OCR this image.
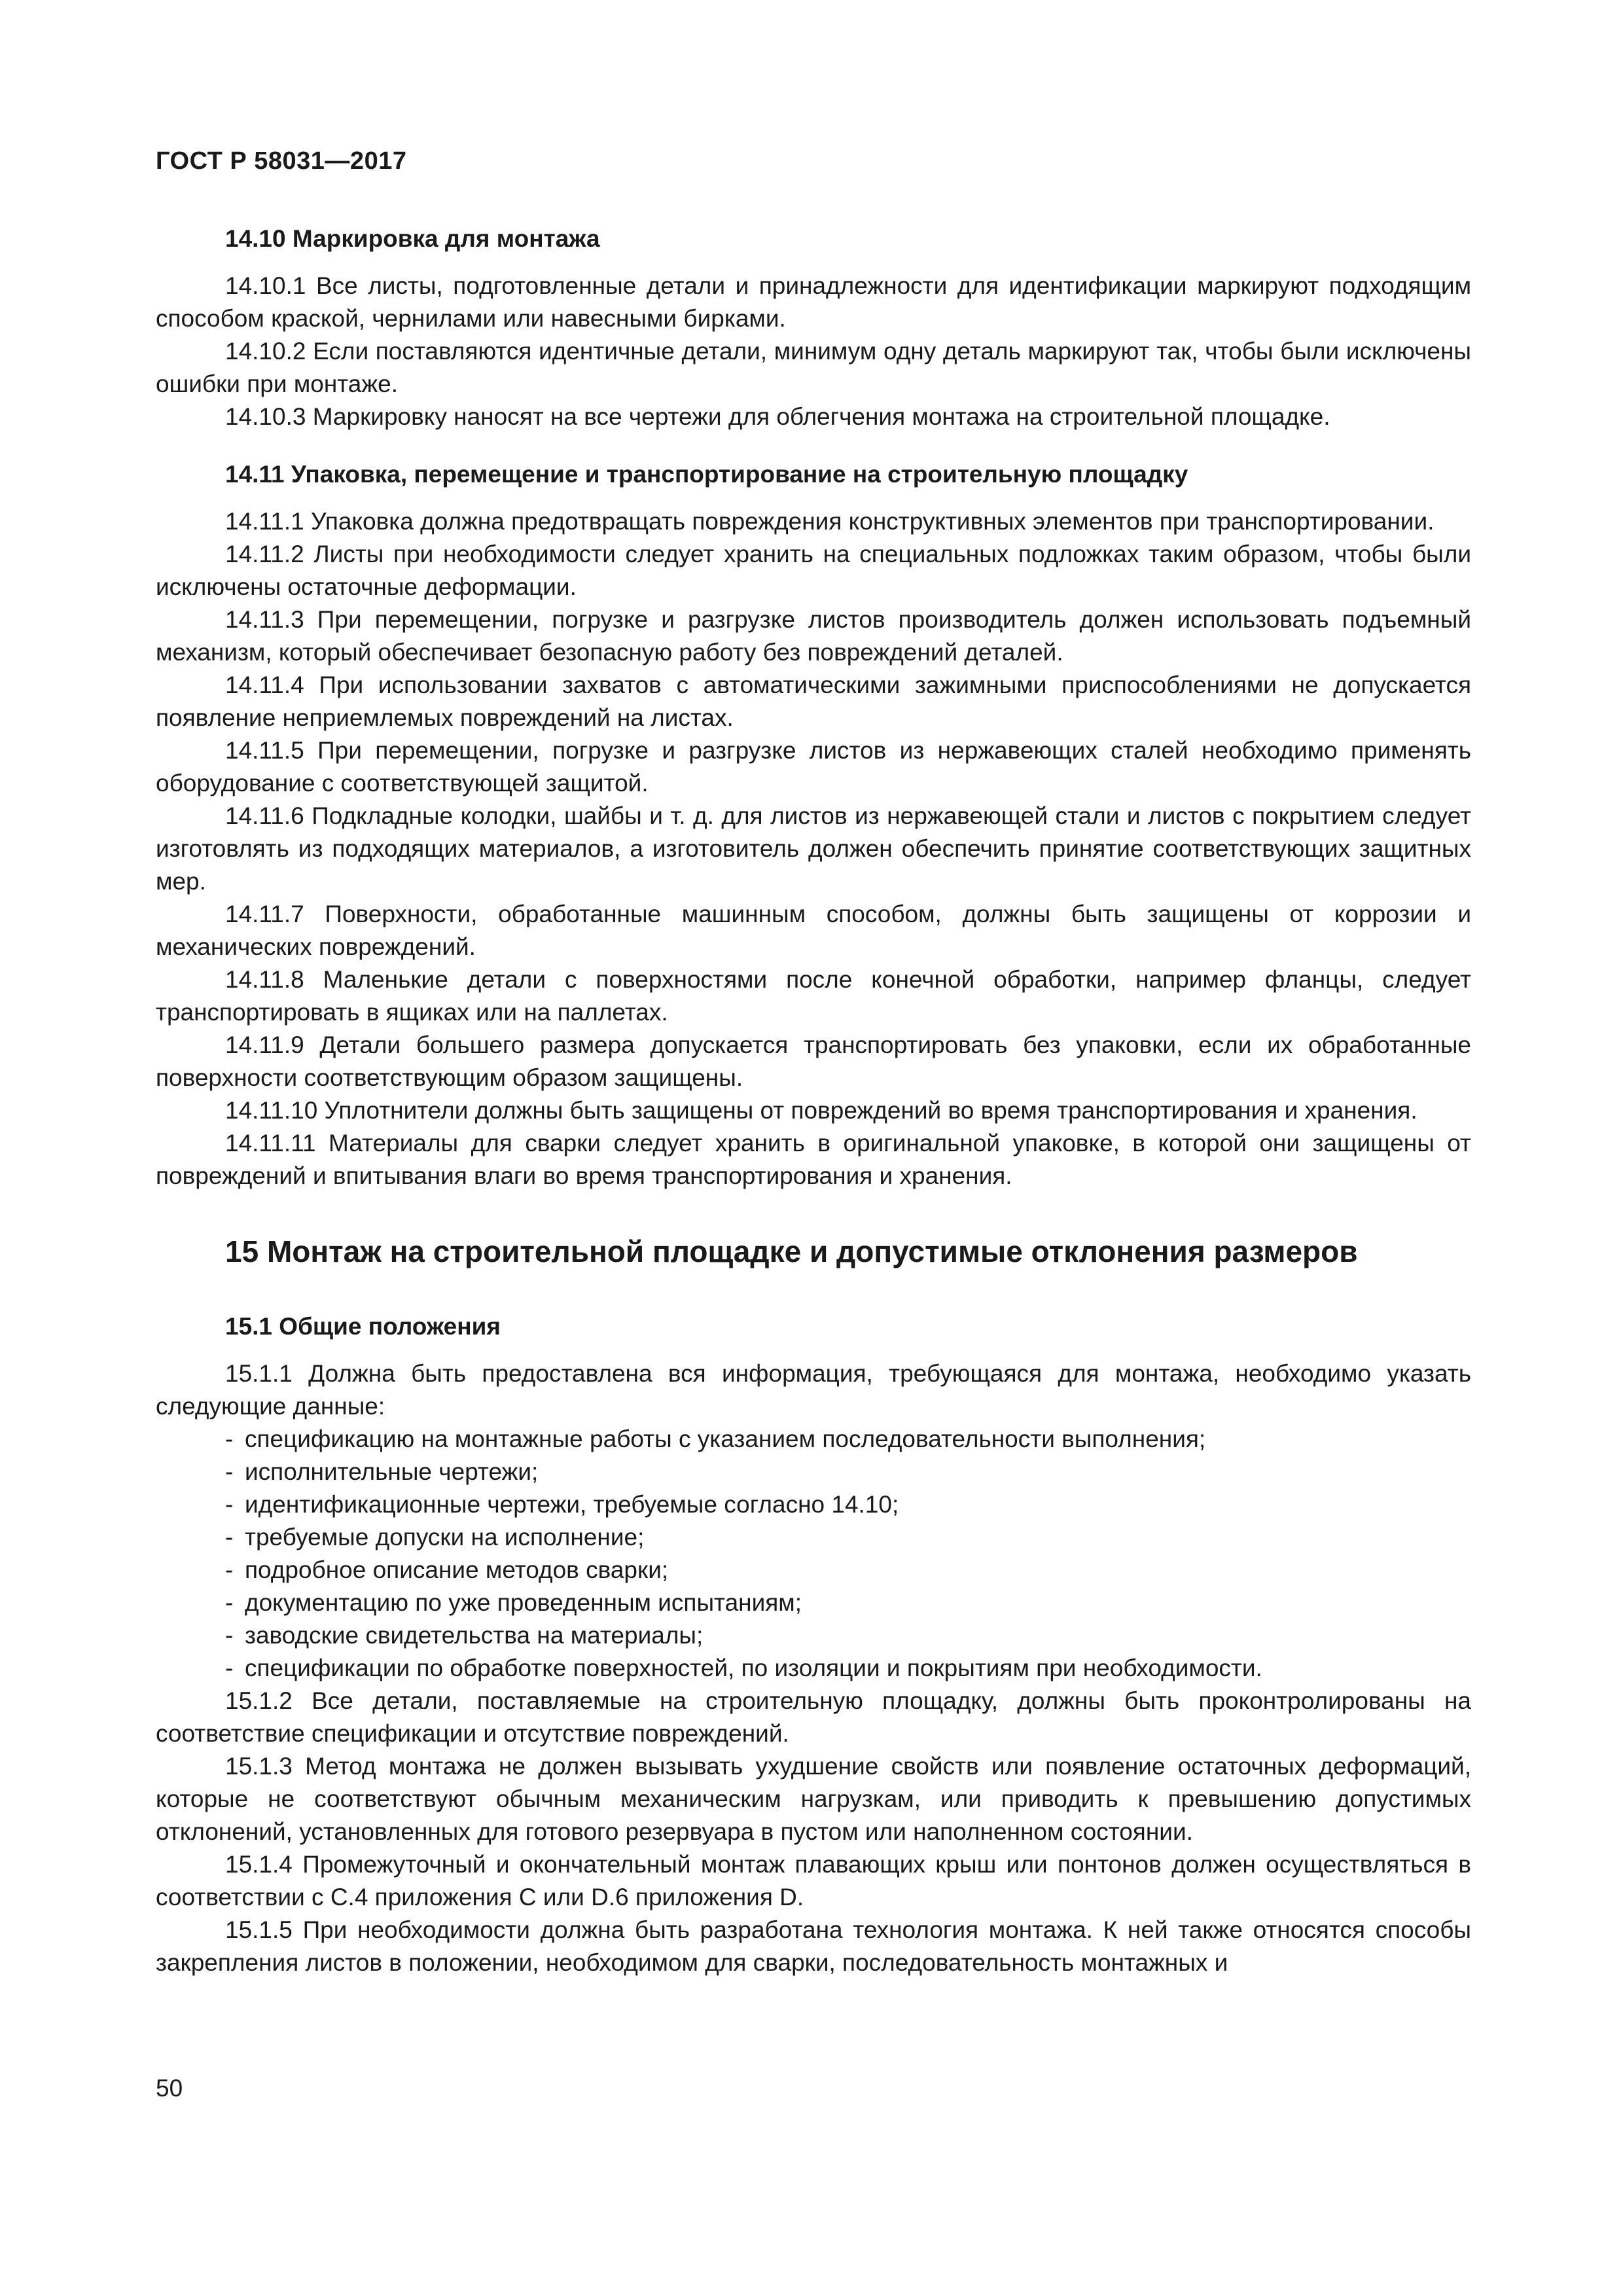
ГОСТ Р 58031—2017

14.10 Маркировка для монтажа

14.10.1 Все листы, подготовленные детали и принадлежности для идентификации маркируют подходящим способом краской, чернилами или навесными бирками.

14.10.2 Если поставляются идентичные детали, минимум одну деталь маркируют так, чтобы были исключены ошибки при монтаже.

14.10.3 Маркировку наносят на все чертежи для облегчения монтажа на строительной площадке.

14.11 Упаковка, перемещение и транспортирование на строительную площадку

14.11.1 Упаковка должна предотвращать повреждения конструктивных элементов при транспортировании.

14.11.2 Листы при необходимости следует хранить на специальных подложках таким образом, чтобы были исключены остаточные деформации.

14.11.3 При перемещении, погрузке и разгрузке листов производитель должен использовать подъемный механизм, который обеспечивает безопасную работу без повреждений деталей.

14.11.4 При использовании захватов с автоматическими зажимными приспособлениями не допускается появление неприемлемых повреждений на листах.

14.11.5 При перемещении, погрузке и разгрузке листов из нержавеющих сталей необходимо применять оборудование с соответствующей защитой.

14.11.6 Подкладные колодки, шайбы и т. д. для листов из нержавеющей стали и листов с покрытием следует изготовлять из подходящих материалов, а изготовитель должен обеспечить принятие соответствующих защитных мер.

14.11.7 Поверхности, обработанные машинным способом, должны быть защищены от коррозии и механических повреждений.

14.11.8 Маленькие детали с поверхностями после конечной обработки, например фланцы, следует транспортировать в ящиках или на паллетах.

14.11.9 Детали большего размера допускается транспортировать без упаковки, если их обработанные поверхности соответствующим образом защищены.

14.11.10 Уплотнители должны быть защищены от повреждений во время транспортирования и хранения.

14.11.11 Материалы для сварки следует хранить в оригинальной упаковке, в которой они защищены от повреждений и впитывания влаги во время транспортирования и хранения.

15 Монтаж на строительной площадке и допустимые отклонения размеров

15.1 Общие положения

15.1.1 Должна быть предоставлена вся информация, требующаяся для монтажа, необходимо указать следующие данные:

- спецификацию на монтажные работы с указанием последовательности выполнения;

- исполнительные чертежи;

- идентификационные чертежи, требуемые согласно 14.10;

- требуемые допуски на исполнение;

- подробное описание методов сварки;

- документацию по уже проведенным испытаниям;

- заводские свидетельства на материалы;

- спецификации по обработке поверхностей, по изоляции и покрытиям при необходимости.

15.1.2 Все детали, поставляемые на строительную площадку, должны быть проконтролированы на соответствие спецификации и отсутствие повреждений.

15.1.3 Метод монтажа не должен вызывать ухудшение свойств или появление остаточных деформаций, которые не соответствуют обычным механическим нагрузкам, или приводить к превышению допустимых отклонений, установленных для готового резервуара в пустом или наполненном состоянии.

15.1.4 Промежуточный и окончательный монтаж плавающих крыш или понтонов должен осуществляться в соответствии с С.4 приложения С или D.6 приложения D.

15.1.5 При необходимости должна быть разработана технология монтажа. К ней также относятся способы закрепления листов в положении, необходимом для сварки, последовательность монтажных и

50
